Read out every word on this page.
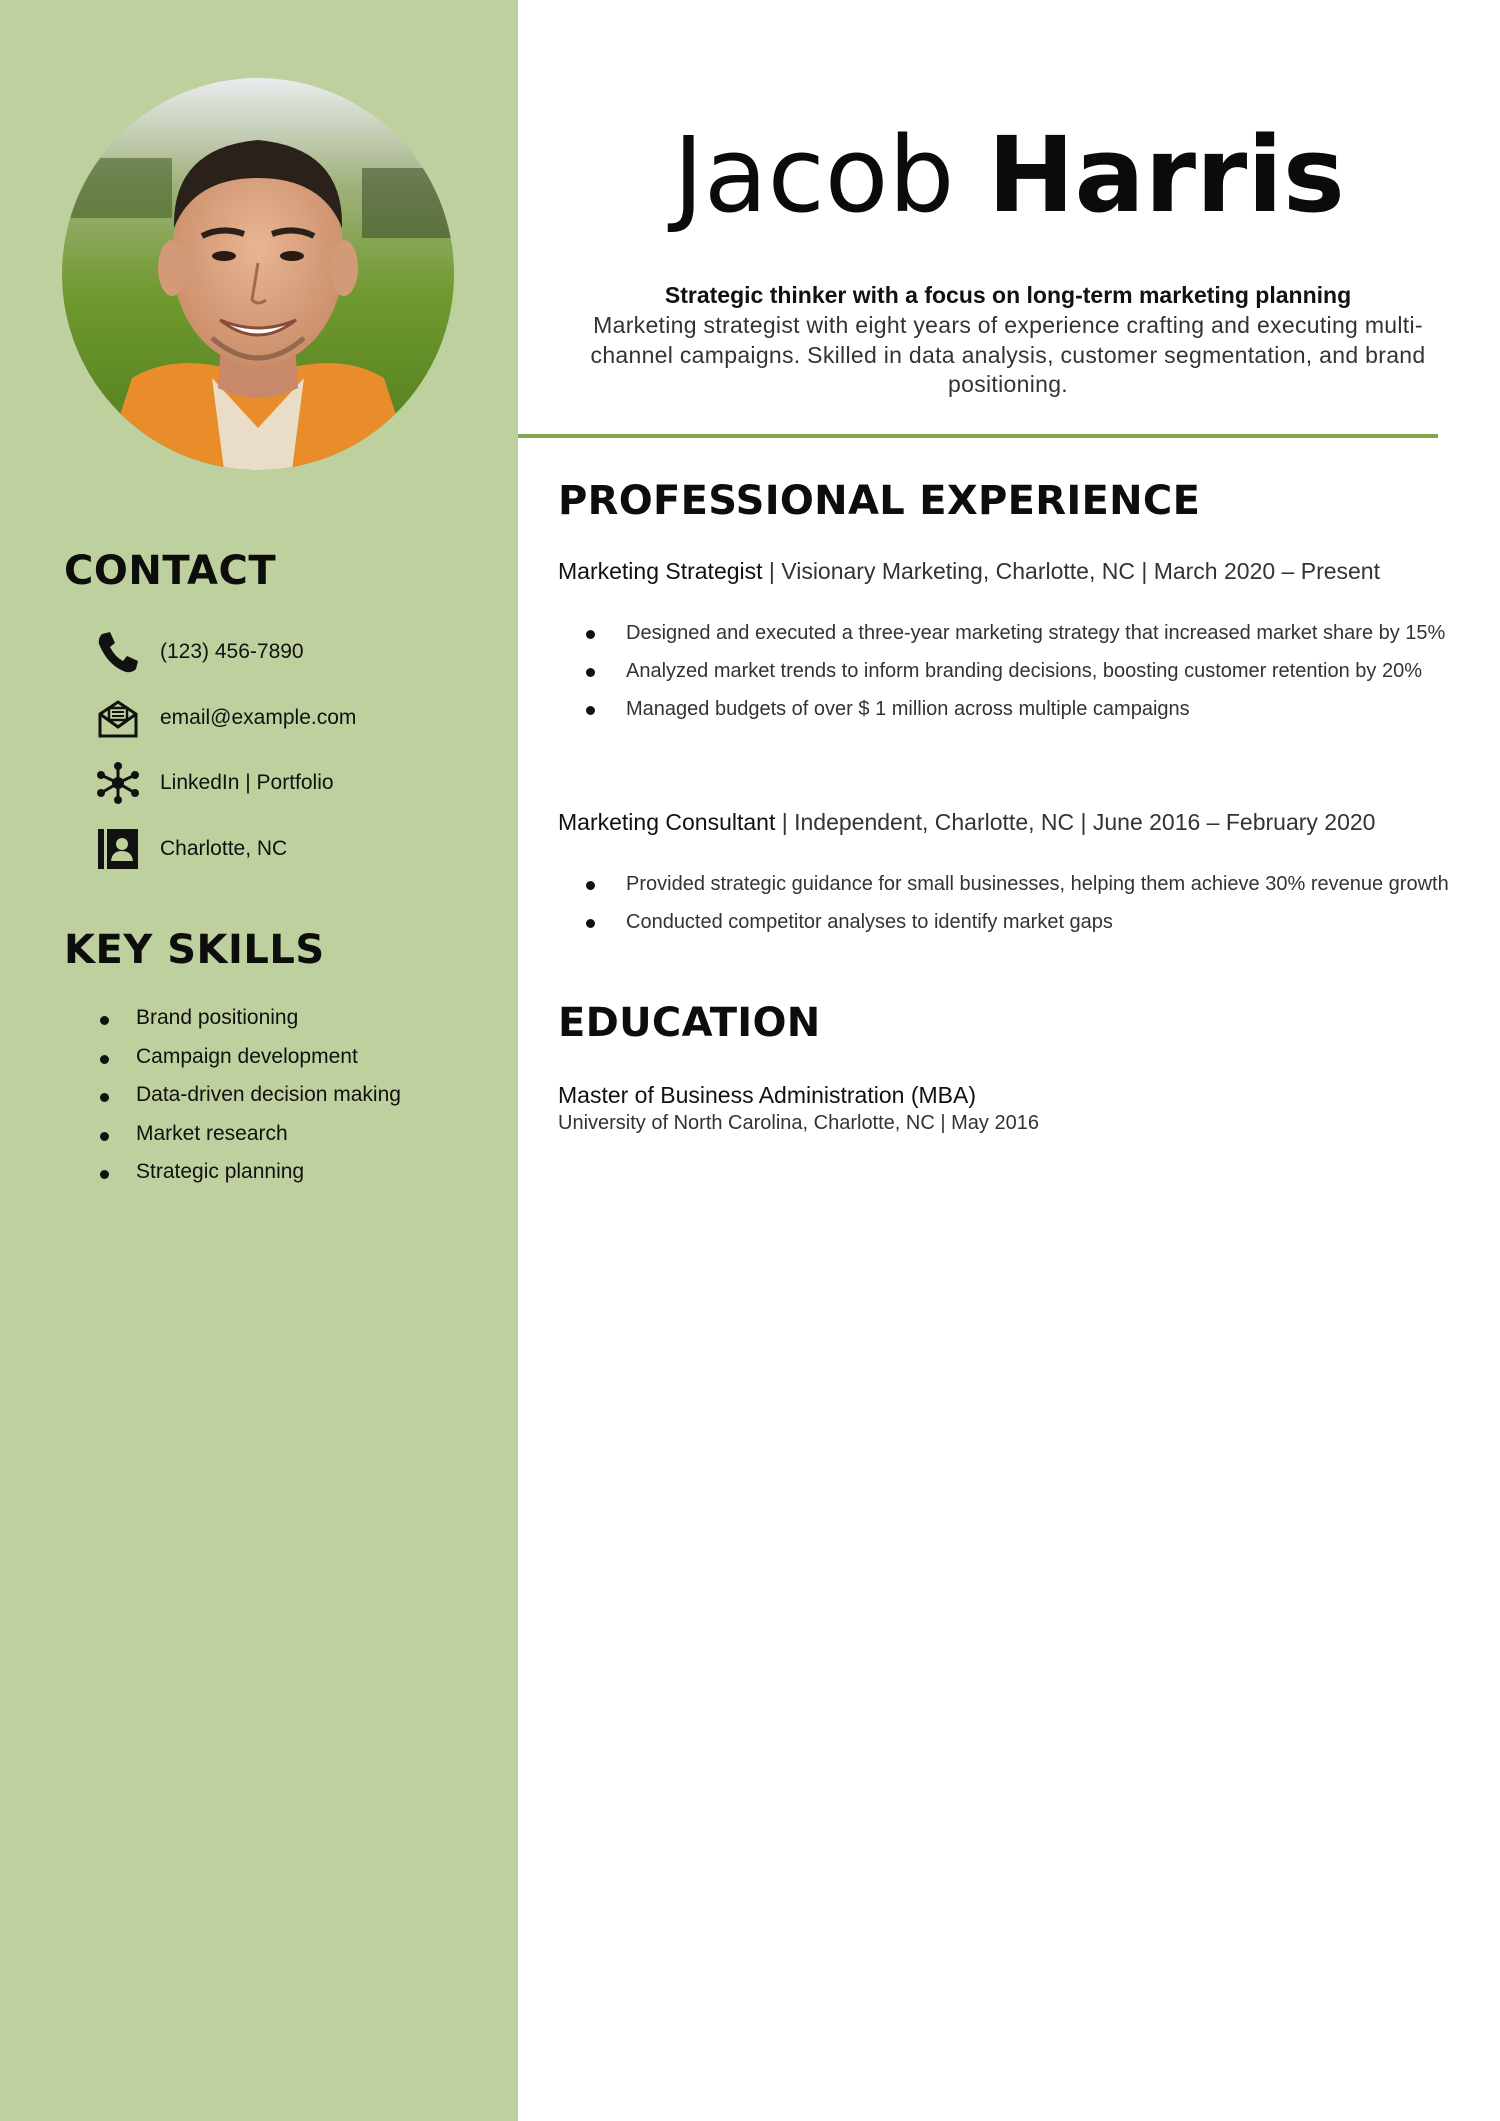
CONTACT
(123) 456-7890
email@example.com
LinkedIn | Portfolio
Charlotte, NC
KEY SKILLS
Brand positioning
Campaign development
Data-driven decision making
Market research
Strategic planning
Jacob Harris
Strategic thinker with a focus on long-term marketing planning
Marketing strategist with eight years of experience crafting and executing multi-channel campaigns. Skilled in data analysis, customer segmentation, and brand positioning.
PROFESSIONAL EXPERIENCE
Marketing Strategist | Visionary Marketing, Charlotte, NC | March 2020 – Present
Designed and executed a three-year marketing strategy that increased market share by 15%
Analyzed market trends to inform branding decisions, boosting customer retention by 20%
Managed budgets of over $ 1 million across multiple campaigns
Marketing Consultant | Independent, Charlotte, NC | June 2016 – February 2020
Provided strategic guidance for small businesses, helping them achieve 30% revenue growth
Conducted competitor analyses to identify market gaps
EDUCATION
Master of Business Administration (MBA)
University of North Carolina, Charlotte, NC | May 2016
